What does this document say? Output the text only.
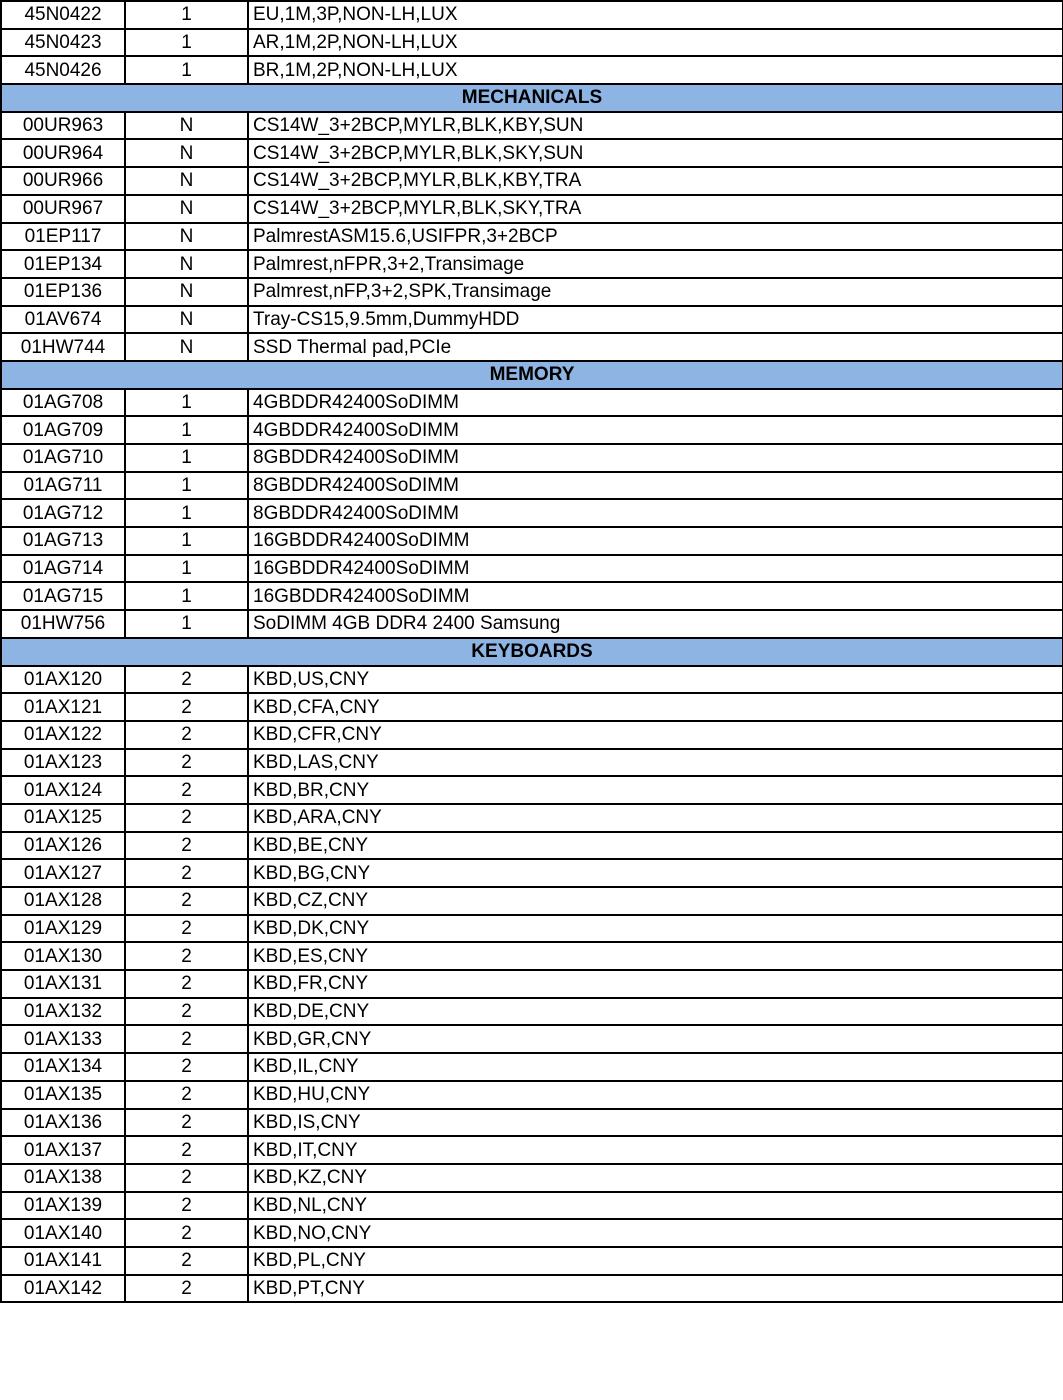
45N0422	1	EU,1M,3P,NON-LH,LUX
45N0423	1	AR,1M,2P,NON-LH,LUX
45N0426	1	BR,1M,2P,NON-LH,LUX
MECHANICALS		
00UR963	N	CS14W_3+2BCP,MYLR,BLK,KBY,SUN
00UR964	N	CS14W_3+2BCP,MYLR,BLK,SKY,SUN
00UR966	N	CS14W_3+2BCP,MYLR,BLK,KBY,TRA
00UR967	N	CS14W_3+2BCP,MYLR,BLK,SKY,TRA
01EP117	N	PalmrestASM15.6,USIFPR,3+2BCP
01EP134	N	Palmrest,nFPR,3+2,Transimage
01EP136	N	Palmrest,nFP,3+2,SPK,Transimage
01AV674	N	Tray-CS15,9.5mm,DummyHDD
01HW744	N	SSD Thermal pad,PCIe
MEMORY		
01AG708	1	4GBDDR42400SoDIMM
01AG709	1	4GBDDR42400SoDIMM
01AG710	1	8GBDDR42400SoDIMM
01AG711	1	8GBDDR42400SoDIMM
01AG712	1	8GBDDR42400SoDIMM
01AG713	1	16GBDDR42400SoDIMM
01AG714	1	16GBDDR42400SoDIMM
01AG715	1	16GBDDR42400SoDIMM
01HW756	1	SoDIMM 4GB DDR4 2400 Samsung
KEYBOARDS		
01AX120	2	KBD,US,CNY
01AX121	2	KBD,CFA,CNY
01AX122	2	KBD,CFR,CNY
01AX123	2	KBD,LAS,CNY
01AX124	2	KBD,BR,CNY
01AX125	2	KBD,ARA,CNY
01AX126	2	KBD,BE,CNY
01AX127	2	KBD,BG,CNY
01AX128	2	KBD,CZ,CNY
01AX129	2	KBD,DK,CNY
01AX130	2	KBD,ES,CNY
01AX131	2	KBD,FR,CNY
01AX132	2	KBD,DE,CNY
01AX133	2	KBD,GR,CNY
01AX134	2	KBD,IL,CNY
01AX135	2	KBD,HU,CNY
01AX136	2	KBD,IS,CNY
01AX137	2	KBD,IT,CNY
01AX138	2	KBD,KZ,CNY
01AX139	2	KBD,NL,CNY
01AX140	2	KBD,NO,CNY
01AX141	2	KBD,PL,CNY
01AX142	2	KBD,PT,CNY
